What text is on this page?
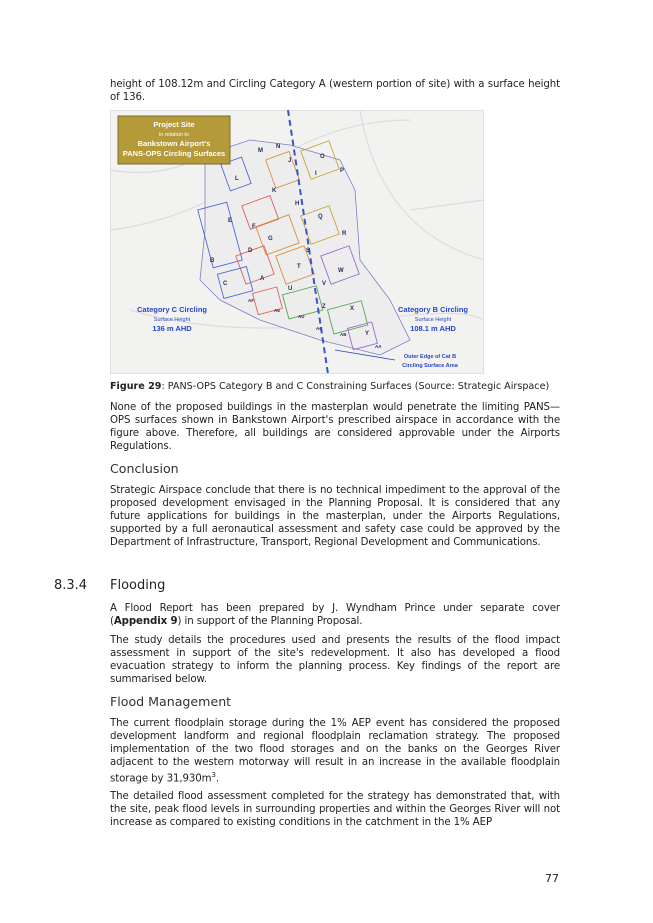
height of 108.12m and Circling Category A (western portion of site) with a surface height of 136.

Project Site
in relation to
Bankstown Airport's
PANS-OPS Circling Surfaces
Category C Circling
Surface Height
136 m AHD
Category B Circling
Surface Height
108.1 m AHD
Outer Edge of Cat B
Circling Surface Area
M
N
J
O
P
I
L
K
H
Q
E
F
G
R
S
T
D
C
B
W
V
U
A
AF
AE
AD
Z	X
AC
Y
AB
AA
Figure 29: PANS-OPS Category B and C Constraining Surfaces (Source: Strategic Airspace)

None of the proposed buildings in the masterplan would penetrate the limiting PANS—OPS surfaces shown in Bankstown Airport's prescribed airspace in accordance with the figure above. Therefore, all buildings are considered approvable under the Airports Regulations.

Conclusion

Strategic Airspace conclude that there is no technical impediment to the approval of the proposed development envisaged in the Planning Proposal. It is considered that any future applications for buildings in the masterplan, under the Airports Regulations, supported by a full aeronautical assessment and safety case could be approved by the Department of Infrastructure, Transport, Regional Development and Communications.

8.3.4 Flooding

A Flood Report has been prepared by J. Wyndham Prince under separate cover (Appendix 9) in support of the Planning Proposal.

The study details the procedures used and presents the results of the flood impact assessment in support of the site's redevelopment. It also has developed a flood evacuation strategy to inform the planning process. Key findings of the report are summarised below.

Flood Management

The current floodplain storage during the 1% AEP event has considered the proposed development landform and regional floodplain reclamation strategy. The proposed implementation of the two flood storages and on the banks on the Georges River adjacent to the western motorway will result in an increase in the available floodplain storage by $31,930m^3$.

The detailed flood assessment completed for the strategy has demonstrated that, with the site, peak flood levels in surrounding properties and within the Georges River will not increase as compared to existing conditions in the catchment in the 1% AEP

77
